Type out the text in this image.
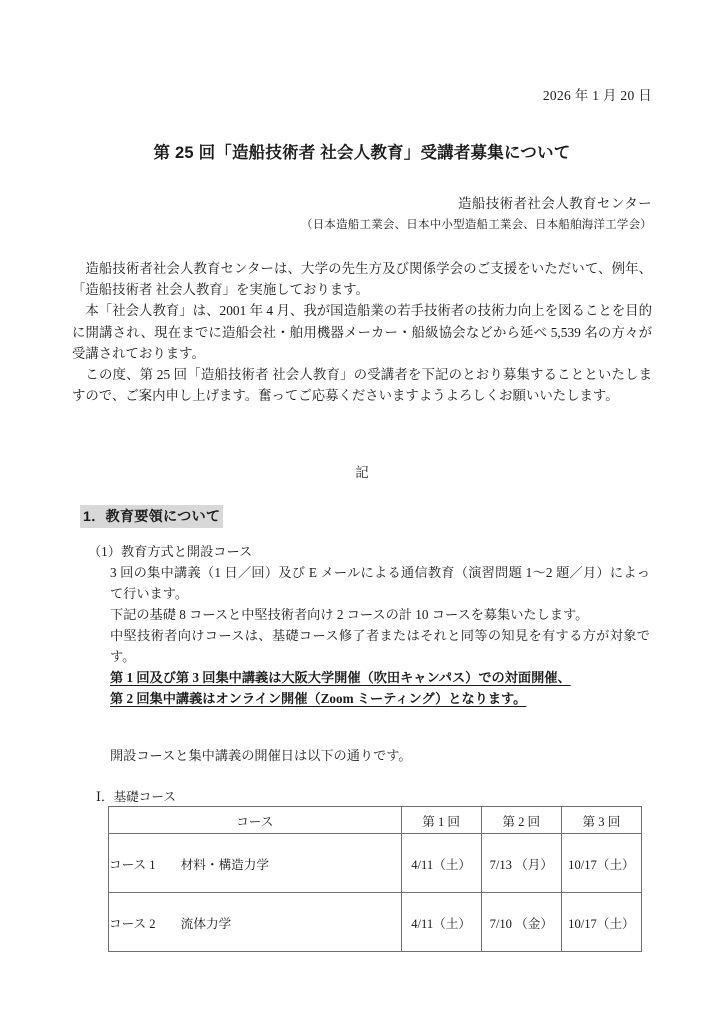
2026 年 1 月 20 日
第 25 回「造船技術者 社会人教育」受講者募集について
造船技術者社会人教育センター
（日本造船工業会、日本中小型造船工業会、日本船舶海洋工学会）

造船技術者社会人教育センターは、大学の先生方及び関係学会のご支援をいただいて、例年、「造船技術者 社会人教育」を実施しております。

本「社会人教育」は、2001 年 4 月、我が国造船業の若手技術者の技術力向上を図ることを目的に開講され、現在までに造船会社・舶用機器メーカー・船級協会などから延べ 5,539 名の方々が受講されております。

この度、第 25 回「造船技術者 社会人教育」の受講者を下記のとおり募集することといたしますので、ご案内申し上げます。奮ってご応募くださいますようよろしくお願いいたします。

記
1．教育要領について
（1）教育方式と開設コース

3 回の集中講義（1 日／回）及び E メールによる通信教育（演習問題 1〜2 題／月）によって行います。

下記の基礎 8 コースと中堅技術者向け 2 コースの計 10 コースを募集いたします。

中堅技術者向けコースは、基礎コース修了者またはそれと同等の知見を有する方が対象です。

第 1 回及び第 3 回集中講義は大阪大学開催（吹田キャンパス）での対面開催、

第 2 回集中講義はオンライン開催（Zoom ミーティング）となります。

開設コースと集中講義の開催日は以下の通りです。
Ⅰ．基礎コース
コース	第 1 回	第 2 回	第 3 回
コース 1　　材料・構造力学	4/11（土）	7/13 （月）	10/17（土）
コース 2　　流体力学	4/11（土）	7/10 （金）	10/17（土）
